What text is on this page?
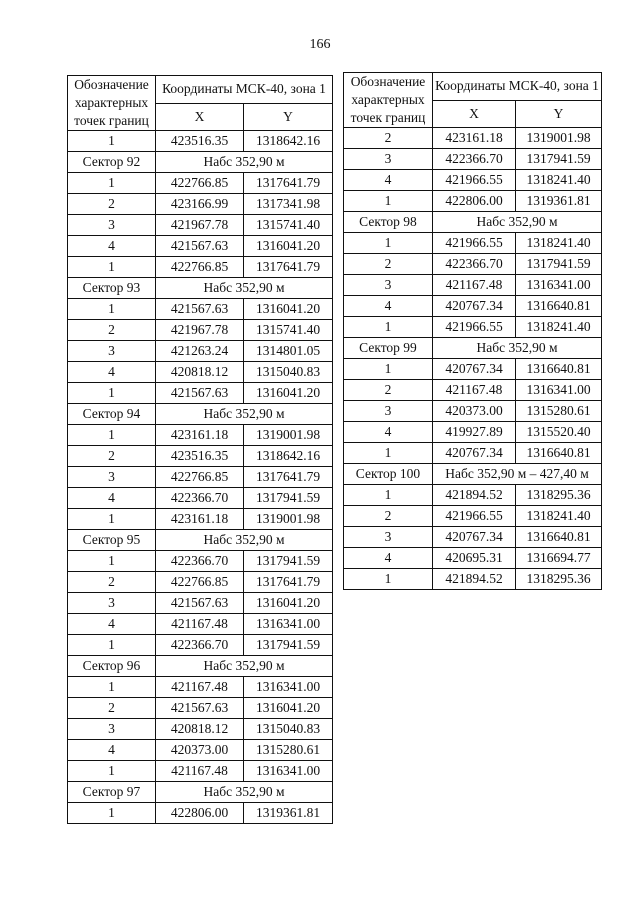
166
Обозначение
характерных
точек границ	Координаты МСК-40, зона 1	
	X	Y
1	423516.35	1318642.16
Сектор 92	Набс 352,90 м	
1	422766.85	1317641.79
2	423166.99	1317341.98
3	421967.78	1315741.40
4	421567.63	1316041.20
1	422766.85	1317641.79
Сектор 93	Набс 352,90 м	
1	421567.63	1316041.20
2	421967.78	1315741.40
3	421263.24	1314801.05
4	420818.12	1315040.83
1	421567.63	1316041.20
Сектор 94	Набс 352,90 м	
1	423161.18	1319001.98
2	423516.35	1318642.16
3	422766.85	1317641.79
4	422366.70	1317941.59
1	423161.18	1319001.98
Сектор 95	Набс 352,90 м	
1	422366.70	1317941.59
2	422766.85	1317641.79
3	421567.63	1316041.20
4	421167.48	1316341.00
1	422366.70	1317941.59
Сектор 96	Набс 352,90 м	
1	421167.48	1316341.00
2	421567.63	1316041.20
3	420818.12	1315040.83
4	420373.00	1315280.61
1	421167.48	1316341.00
Сектор 97	Набс 352,90 м	
1	422806.00	1319361.81
Обозначение
характерных
точек границ	Координаты МСК-40, зона 1	
	X	Y
2	423161.18	1319001.98
3	422366.70	1317941.59
4	421966.55	1318241.40
1	422806.00	1319361.81
Сектор 98	Набс 352,90 м	
1	421966.55	1318241.40
2	422366.70	1317941.59
3	421167.48	1316341.00
4	420767.34	1316640.81
1	421966.55	1318241.40
Сектор 99	Набс 352,90 м	
1	420767.34	1316640.81
2	421167.48	1316341.00
3	420373.00	1315280.61
4	419927.89	1315520.40
1	420767.34	1316640.81
Сектор 100	Набс 352,90 м – 427,40 м	
1	421894.52	1318295.36
2	421966.55	1318241.40
3	420767.34	1316640.81
4	420695.31	1316694.77
1	421894.52	1318295.36
